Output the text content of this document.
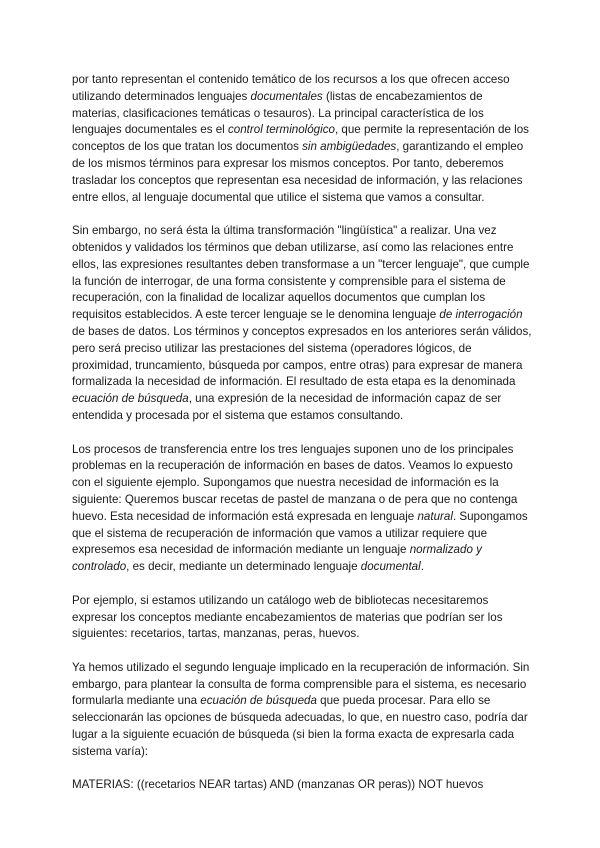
por tanto representan el contenido temático de los recursos a los que ofrecen acceso utilizando determinados lenguajes documentales (listas de encabezamientos de materias, clasificaciones temáticas o tesauros). La principal característica de los lenguajes documentales es el control terminológico, que permite la representación de los conceptos de los que tratan los documentos sin ambigüedades, garantizando el empleo de los mismos términos para expresar los mismos conceptos. Por tanto, deberemos trasladar los conceptos que representan esa necesidad de información, y las relaciones entre ellos, al lenguaje documental que utilice el sistema que vamos a consultar.

Sin embargo, no será ésta la última transformación "lingüística" a realizar. Una vez obtenidos y validados los términos que deban utilizarse, así como las relaciones entre ellos, las expresiones resultantes deben transformase a un "tercer lenguaje", que cumple la función de interrogar, de una forma consistente y comprensible para el sistema de recuperación, con la finalidad de localizar aquellos documentos que cumplan los requisitos establecidos. A este tercer lenguaje se le denomina lenguaje de interrogación de bases de datos. Los términos y conceptos expresados en los anteriores serán válidos, pero será preciso utilizar las prestaciones del sistema (operadores lógicos, de proximidad, truncamiento, búsqueda por campos, entre otras) para expresar de manera formalizada la necesidad de información. El resultado de esta etapa es la denominada ecuación de búsqueda, una expresión de la necesidad de información capaz de ser entendida y procesada por el sistema que estamos consultando.

Los procesos de transferencia entre los tres lenguajes suponen uno de los principales problemas en la recuperación de información en bases de datos. Veamos lo expuesto con el siguiente ejemplo. Supongamos que nuestra necesidad de información es la siguiente: Queremos buscar recetas de pastel de manzana o de pera que no contenga huevo. Esta necesidad de información está expresada en lenguaje natural. Supongamos que el sistema de recuperación de información que vamos a utilizar requiere que expresemos esa necesidad de información mediante un lenguaje normalizado y controlado, es decir, mediante un determinado lenguaje documental.

Por ejemplo, si estamos utilizando un catálogo web de bibliotecas necesitaremos expresar los conceptos mediante encabezamientos de materias que podrían ser los siguientes: recetarios, tartas, manzanas, peras, huevos.

Ya hemos utilizado el segundo lenguaje implicado en la recuperación de información. Sin embargo, para plantear la consulta de forma comprensible para el sistema, es necesario formularla mediante una ecuación de búsqueda que pueda procesar. Para ello se seleccionarán las opciones de búsqueda adecuadas, lo que, en nuestro caso, podría dar lugar a la siguiente ecuación de búsqueda (si bien la forma exacta de expresarla cada sistema varía):

MATERIAS: ((recetarios NEAR tartas) AND (manzanas OR peras)) NOT huevos
